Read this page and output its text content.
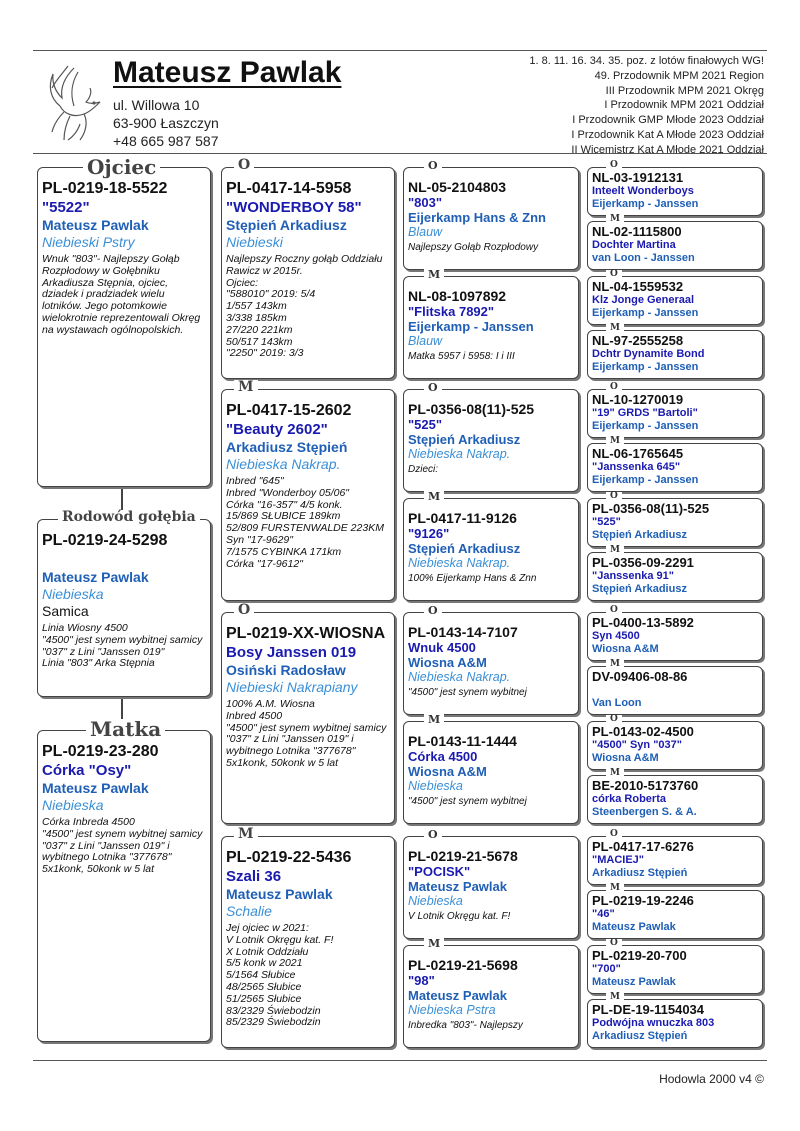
Mateusz Pawlak
ul. Willowa 10
63-900 Łaszczyn
+48 665 987 587
1. 8. 11. 16. 34. 35. poz. z lotów finałowych WG!
49. Przodownik MPM 2021 Region
III Przodownik MPM 2021 Okręg
I Przodownik MPM 2021 Oddział
I Przodownik GMP Młode 2023 Oddział
I Przodownik Kat A Młode 2023 Oddział
II Wicemistrz Kat A Młode 2021 Oddział
PL-0219-18-5522
"5522"
Mateusz Pawlak
Niebieski Pstry
Wnuk "803"- Najlepszy Gołąb Rozpłodowy w Gołębniku Arkadiusza Stępnia, ojciec, dziadek i pradziadek wielu lotników. Jego potomkowie wielokrotnie reprezentowali Okręg na wystawach ogólnopolskich.
Ojciec
PL-0219-24-5298
Mateusz Pawlak
Niebieska
Samica
Linia Wiosny 4500
"4500" jest synem wybitnej samicy "037" z Lini "Janssen 019"
Linia "803" Arka Stępnia
Rodowód gołębia
PL-0219-23-280
Córka "Osy"
Mateusz Pawlak
Niebieska
Córka Inbreda 4500
"4500" jest synem wybitnej samicy "037" z Lini "Janssen 019" i wybitnego Lotnika "377678" 5x1konk, 50konk w 5 lat
Matka
PL-0417-14-5958
"WONDERBOY 58"
Stępień Arkadiusz
Niebieski
Najlepszy Roczny gołąb Oddziału Rawicz w 2015r.
Ojciec:
"588010" 2019: 5/4
1/557 143km
3/338 185km
27/220 221km
50/517 143km
"2250" 2019: 3/3
O
PL-0417-15-2602
"Beauty 2602"
Arkadiusz Stępień
Niebieska Nakrap.
Inbred "645"
Inbred "Wonderboy 05/06"
Córka "16-357" 4/5 konk.
15/869 SŁUBICE 189km
52/809 FURSTENWALDE 223KM
Syn "17-9629"
7/1575 CYBINKA 171km
Córka "17-9612"
M
PL-0219-XX-WIOSNA
Bosy Janssen 019
Osiński Radosław
Niebieski Nakrapiany
100% A.M. Wiosna
Inbred 4500
"4500" jest synem wybitnej samicy "037" z Lini "Janssen 019" i wybitnego Lotnika "377678" 5x1konk, 50konk w 5 lat
O
PL-0219-22-5436
Szali 36
Mateusz Pawlak
Schalie
Jej ojciec w 2021:
V Lotnik Okręgu kat. F!
X Lotnik Oddziału
5/5 konk w 2021
5/1564 Słubice
48/2565 Słubice
51/2565 Słubice
83/2329 Świebodzin
85/2329 Świebodzin
M
NL-05-2104803
"803"
Eijerkamp Hans & Znn
Blauw
Najlepszy Gołąb Rozpłodowy
O
NL-08-1097892
"Flitska 7892"
Eijerkamp - Janssen
Blauw
Matka 5957 i 5958: I i III
M
PL-0356-08(11)-525
"525"
Stępień Arkadiusz
Niebieska Nakrap.
Dzieci:
O
PL-0417-11-9126
"9126"
Stępień Arkadiusz
Niebieska Nakrap.
100% Eijerkamp Hans & Znn
M
PL-0143-14-7107
Wnuk 4500
Wiosna A&M
Niebieska Nakrap.
"4500" jest synem wybitnej
O
PL-0143-11-1444
Córka 4500
Wiosna A&M
Niebieska
"4500" jest synem wybitnej
M
PL-0219-21-5678
"POCISK"
Mateusz Pawlak
Niebieska
V Lotnik Okręgu kat. F!
O
PL-0219-21-5698
"98"
Mateusz Pawlak
Niebieska Pstra
Inbredka "803"- Najlepszy
M
NL-03-1912131
Inteelt Wonderboys
Eijerkamp - Janssen
O
NL-02-1115800
Dochter Martina
van Loon - Janssen
M
NL-04-1559532
Klz Jonge Generaal
Eijerkamp - Janssen
O
NL-97-2555258
Dchtr Dynamite Bond
Eijerkamp - Janssen
M
NL-10-1270019
"19" GRDS "Bartoli"
Eijerkamp - Janssen
O
NL-06-1765645
"Janssenka 645"
Eijerkamp - Janssen
M
PL-0356-08(11)-525
"525"
Stępień Arkadiusz
O
PL-0356-09-2291
"Janssenka 91"
Stępień Arkadiusz
M
PL-0400-13-5892
Syn 4500
Wiosna A&M
O
DV-09406-08-86
Van Loon
M
PL-0143-02-4500
"4500" Syn "037"
Wiosna A&M
O
BE-2010-5173760
córka Roberta
Steenbergen S. & A.
M
PL-0417-17-6276
"MACIEJ"
Arkadiusz Stępień
O
PL-0219-19-2246
"46"
Mateusz Pawlak
M
PL-0219-20-700
"700"
Mateusz Pawlak
O
PL-DE-19-1154034
Podwójna wnuczka 803
Arkadiusz Stępień
M
Hodowla 2000 v4 ©
